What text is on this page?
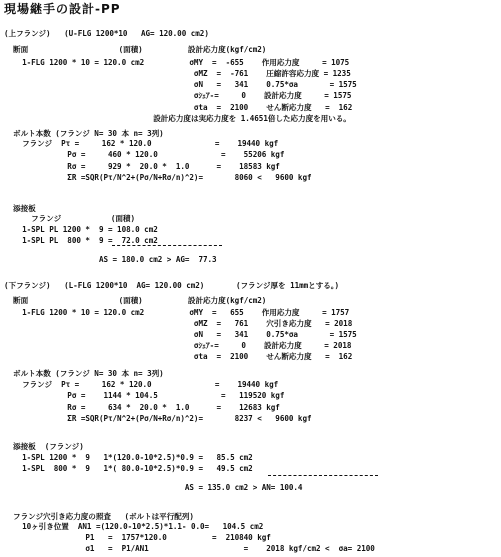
現場継手の設計-PP
(上フランジ)   (U-FLG 1200*10   AG= 120.00 cm2)
断面                    (面積)          設計応力度(kgf/cm2)
1-FLG 1200 * 10 = 120.0 cm2          σMY  =  -655    作用応力度     = 1075
σMZ  =  -761    圧縮許容応力度 = 1235
σN   =   341    0.75*σa       = 1575
σｼｪｱ-=     0    設計応力度     = 1575
σta  =  2100    せん断応力度   =  162
設計応力度は実応力度を 1.4651倍した応力度を用いる。
ボルト本数 (フランジ N= 30 本 n= 3列)
フランジ  Pτ =     162 * 120.0              =    19440 kgf
Pσ =     460 * 120.0              =    55206 kgf
Rσ =     929 *  20.0 *  1.0      =    18583 kgf
ΣR =SQR(Pτ/N^2+(Pσ/N+Rσ/n)^2)=       8060 <   9600 kgf
添接板
フランジ           (面積)
1-SPL PL 1200 *  9 = 108.0 cm2
1-SPL PL  800 *  9 =  72.0 cm2
AS = 180.0 cm2 > AG=  77.3
(下フランジ)   (L-FLG 1200*10  AG= 120.00 cm2)       (フランジ厚を 11mmとする。)
断面                    (面積)          設計応力度(kgf/cm2)
1-FLG 1200 * 10 = 120.0 cm2          σMY  =   655    作用応力度     = 1757
σMZ  =   761    穴引き応力度   = 2018
σN   =   341    0.75*σa       = 1575
σｼｪｱ-=     0    設計応力度     = 2018
σta  =  2100    せん断応力度   =  162
ボルト本数 (フランジ N= 30 本 n= 3列)
フランジ  Pτ =     162 * 120.0              =    19440 kgf
Pσ =    1144 * 104.5              =   119520 kgf
Rσ =     634 *  20.0 *  1.0      =    12683 kgf
ΣR =SQR(Pτ/N^2+(Pσ/N+Rσ/n)^2)=       8237 <   9600 kgf
添接板  (フランジ)
1-SPL 1200 *  9   1*(120.0-10*2.5)*0.9 =   85.5 cm2
1-SPL  800 *  9   1*( 80.0-10*2.5)*0.9 =   49.5 cm2
AS = 135.0 cm2 > AN= 100.4
フランジ穴引き応力度の照査   (ボルトは平行配列)
10ヶ引き位置  AN1 =(120.0-10*2.5)*1.1- 0.0=   104.5 cm2
P1   =  1757*120.0          =  210840 kgf
σ1   =  P1/AN1                     =    2018 kgf/cm2 <  σa= 2100
